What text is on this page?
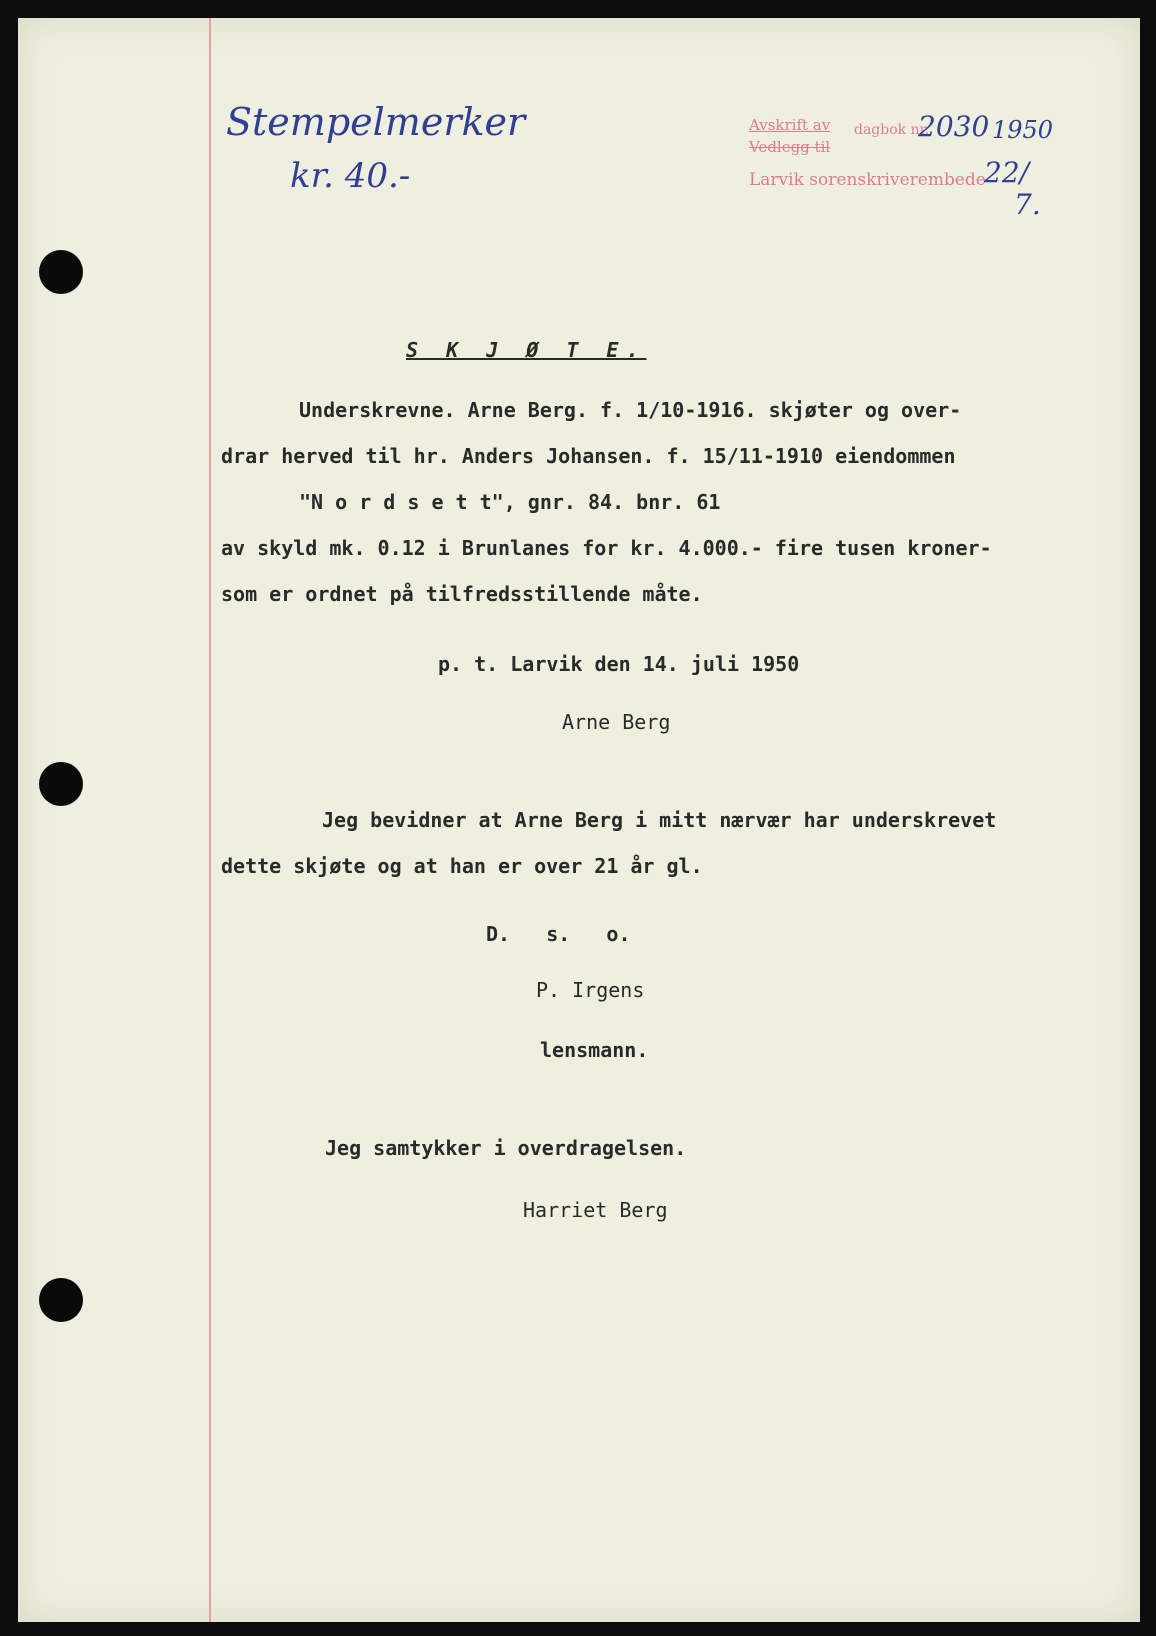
Stempelmerker
kr. 40.-
Avskrift av dagbok nr.
2030 1950
Vedlegg til
Larvik sorenskriverembede
22/
7.
S K J Ø T E.
Underskrevne. Arne Berg. f. 1/10-1916. skjøter og over-
drar herved til hr. Anders Johansen. f. 15/11-1910 eiendommen
"N o r d s e t t", gnr. 84. bnr. 61
av skyld mk. 0.12 i Brunlanes for kr. 4.000.- fire tusen kroner-
som er ordnet på tilfredsstillende måte.
p. t. Larvik den 14. juli 1950
Arne Berg
Jeg bevidner at Arne Berg i mitt nærvær har underskrevet
dette skjøte og at han er over 21 år gl.
D.   s.   o.
P. Irgens
lensmann.
Jeg samtykker i overdragelsen.
Harriet Berg
